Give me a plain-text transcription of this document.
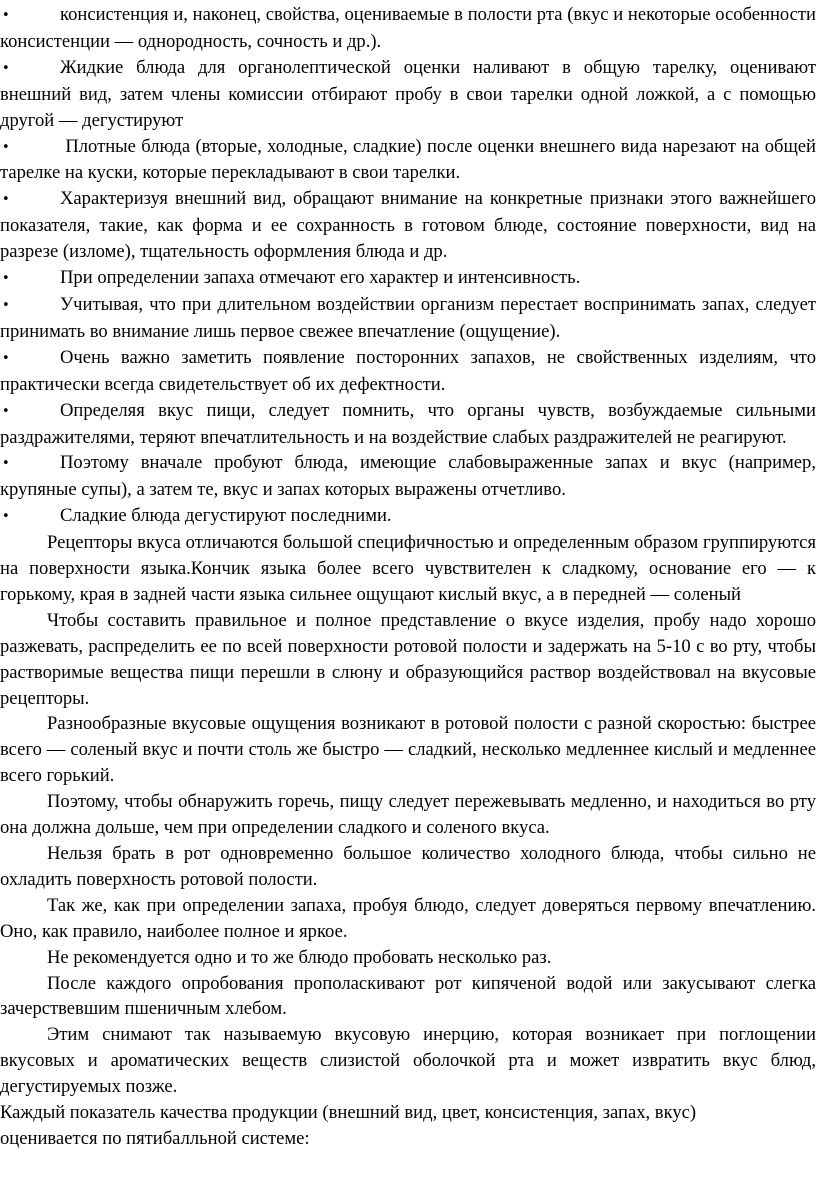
•	консистенция и, наконец, свойства, оцениваемые в полости рта (вкус и некоторые особенности консистенции — однородность, сочность и др.).

•	Жидкие блюда для органолептической оценки наливают в общую тарелку, оценивают внешний вид, затем члены комиссии отбирают пробу в свои тарелки одной ложкой, а с помощью другой — дегустируют

•	Плотные блюда (вторые, холодные, сладкие) после оценки внешнего вида нарезают на общей тарелке на куски, которые перекладывают в свои тарелки.

•	Характеризуя внешний вид, обращают внимание на конкретные признаки этого важнейшего показателя, такие, как форма и ее сохранность в готовом блюде, состояние поверхности, вид на разрезе (изломе), тщательность оформления блюда и др.

•	При определении запаха отмечают его характер и интенсивность.

•	Учитывая, что при длительном воздействии организм перестает воспринимать запах, следует принимать во внимание лишь первое свежее впечатление (ощущение).

•	Очень важно заметить появление посторонних запахов, не свойственных изделиям, что практически всегда свидетельствует об их дефектности.

•	Определяя вкус пищи, следует помнить, что органы чувств, возбуждаемые сильными раздражителями, теряют впечатлительность и на воздействие слабых раздражителей не реагируют.

•	Поэтому вначале пробуют блюда, имеющие слабовыраженные запах и вкус (например, крупяные супы), а затем те, вкус и запах которых выражены отчетливо.

•	Сладкие блюда дегустируют последними.

Рецепторы вкуса отличаются большой специфичностью и определенным образом группируются на поверхности языка.Кончик языка более всего чувствителен к сладкому, основание его — к горькому, края в задней части языка сильнее ощущают кислый вкус, а в передней — соленый

Чтобы составить правильное и полное представление о вкусе изделия, пробу надо хорошо разжевать, распределить ее по всей поверхности ротовой полости и задержать на 5-10 с во рту, чтобы растворимые вещества пищи перешли в слюну и образующийся раствор воздействовал на вкусовые рецепторы.

Разнообразные вкусовые ощущения возникают в ротовой полости с разной скоростью: быстрее всего — соленый вкус и почти столь же быстро — сладкий, несколько медленнее кислый и медленнее всего горький.

Поэтому, чтобы обнаружить горечь, пищу следует пережевывать медленно, и находиться во рту она должна дольше, чем при определении сладкого и соленого вкуса.

Нельзя брать в рот одновременно большое количество холодного блюда, чтобы сильно не охладить поверхность ротовой полости.

Так же, как при определении запаха, пробуя блюдо, следует доверяться первому впечатлению. Оно, как правило, наиболее полное и яркое.

Не рекомендуется одно и то же блюдо пробовать несколько раз.

После каждого опробования прополаскивают рот кипяченой водой или закусывают слегка зачерствевшим пшеничным хлебом.

Этим снимают так называемую вкусовую инерцию, которая возникает при поглощении вкусовых и ароматических веществ слизистой оболочкой рта и может извратить вкус блюд, дегустируемых позже.

Каждый показатель качества продукции (внешний вид, цвет, консистенция, запах, вкус)
оценивается по пятибалльной системе:
